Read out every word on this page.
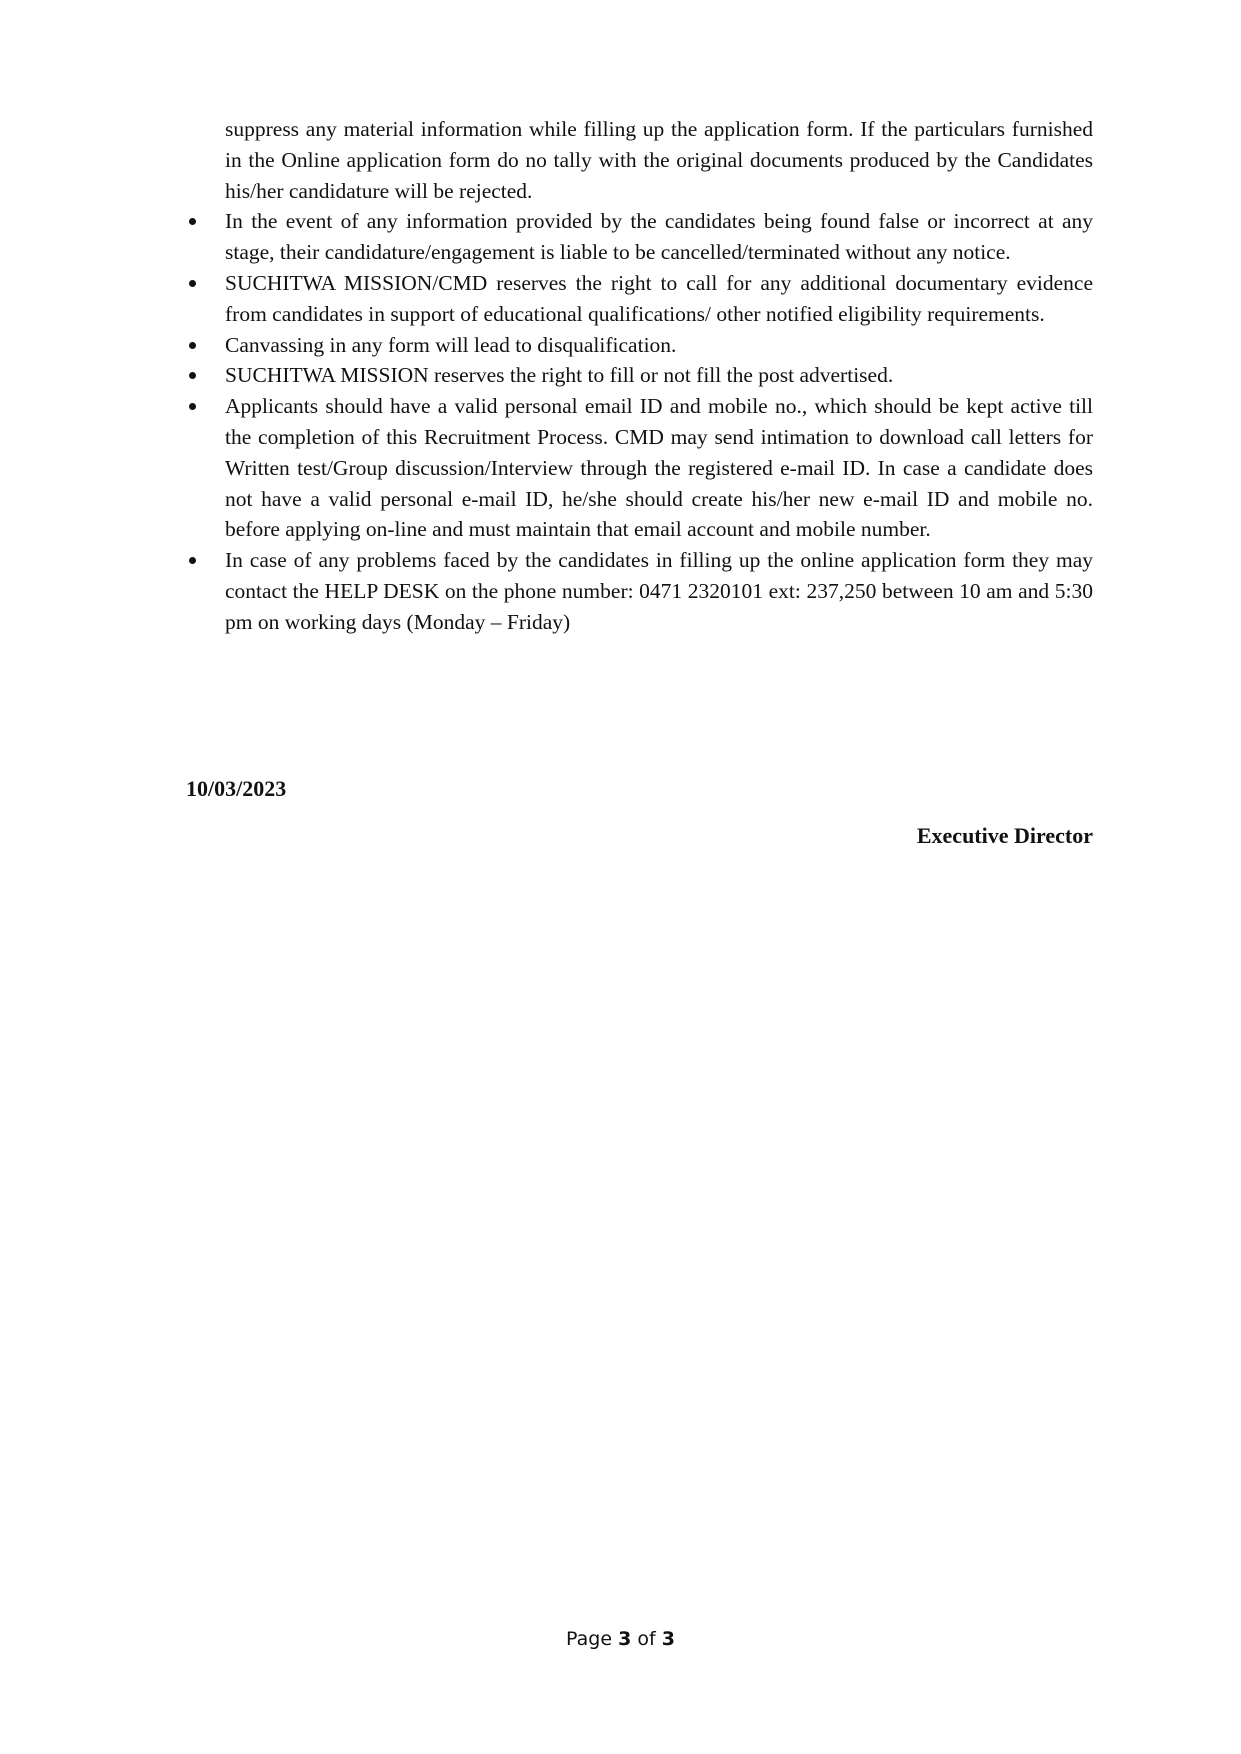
suppress any material information while filling up the application form. If the particulars furnished in the Online application form do no tally with the original documents produced by the Candidates his/her candidature will be rejected.

In the event of any information provided by the candidates being found false or incorrect at any stage, their candidature/engagement is liable to be cancelled/terminated without any notice.
SUCHITWA MISSION/CMD reserves the right to call for any additional documentary evidence from candidates in support of educational qualifications/ other notified eligibility requirements.
Canvassing in any form will lead to disqualification.
SUCHITWA MISSION reserves the right to fill or not fill the post advertised.
Applicants should have a valid personal email ID and mobile no., which should be kept active till the completion of this Recruitment Process. CMD may send intimation to download call letters for Written test/Group discussion/Interview through the registered e-mail ID. In case a candidate does not have a valid personal e-mail ID, he/she should create his/her new e-mail ID and mobile no. before applying on-line and must maintain that email account and mobile number.
In case of any problems faced by the candidates in filling up the online application form they may contact the HELP DESK on the phone number: 0471 2320101 ext: 237,250 between 10 am and 5:30 pm on working days (Monday – Friday)
10/03/2023
Executive Director
Page 3 of 3
